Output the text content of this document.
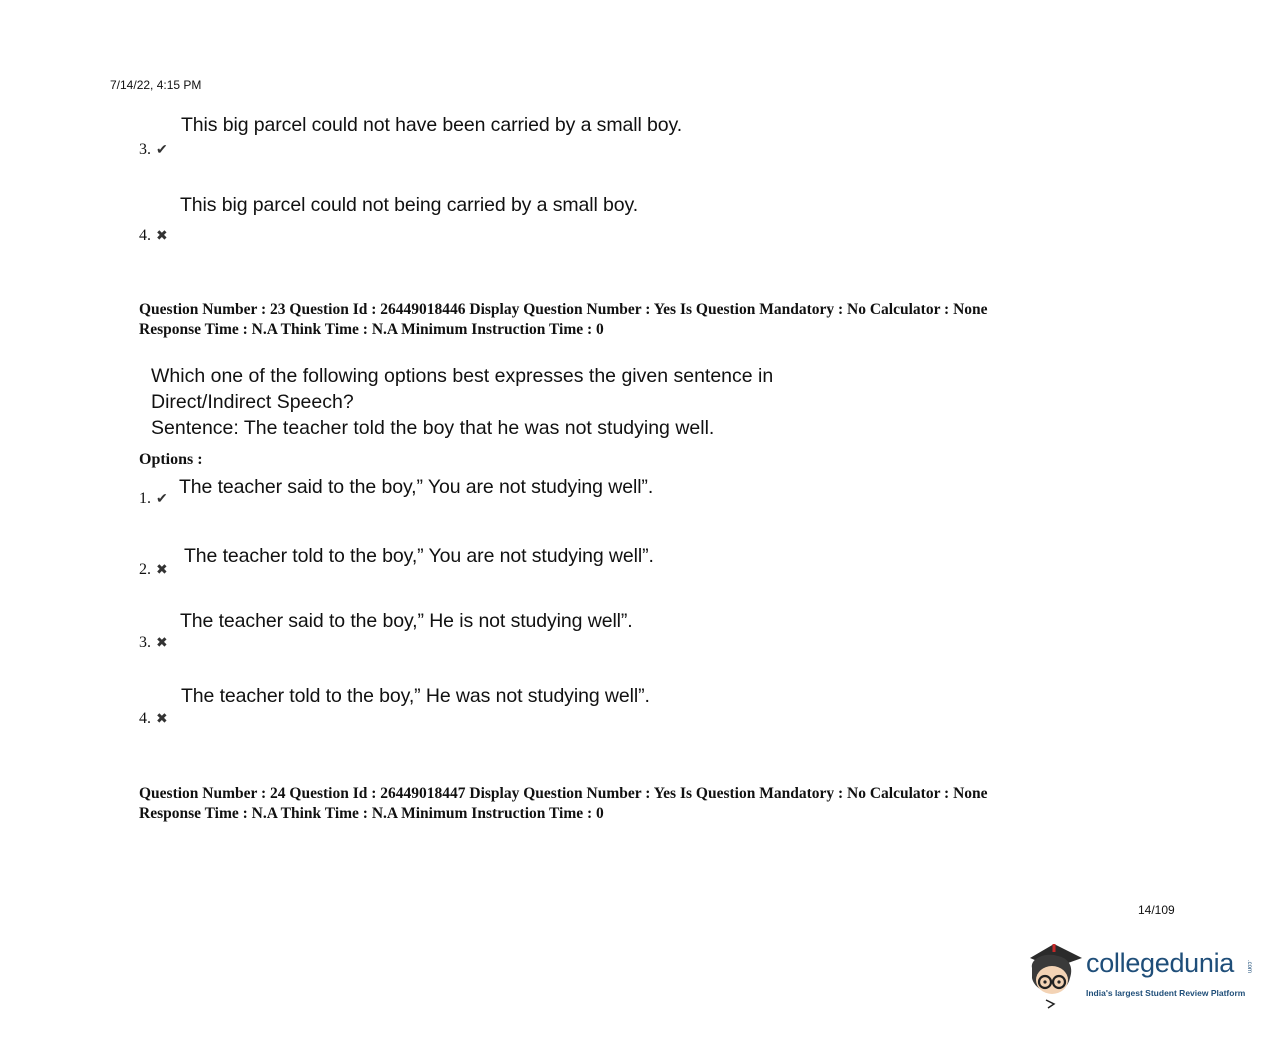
7/14/22, 4:15 PM
This big parcel could not have been carried by a small boy.
3. ✔
This big parcel could not being carried by a small boy.
4. ✖
Question Number : 23 Question Id : 26449018446 Display Question Number : Yes Is Question Mandatory : No Calculator : None
Response Time : N.A Think Time : N.A Minimum Instruction Time : 0
Which one of the following options best expresses the given sentence in
Direct/Indirect Speech?
Sentence: The teacher told the boy that he was not studying well.
Options :
1. ✔
The teacher said to the boy,” You are not studying well”.
The teacher told to the boy,” You are not studying well”.
2. ✖
The teacher said to the boy,” He is not studying well”.
3. ✖
The teacher told to the boy,” He was not studying well”.
4. ✖
Question Number : 24 Question Id : 26449018447 Display Question Number : Yes Is Question Mandatory : No Calculator : None
Response Time : N.A Think Time : N.A Minimum Instruction Time : 0
14/109
collegedunia .com
India's largest Student Review Platform
